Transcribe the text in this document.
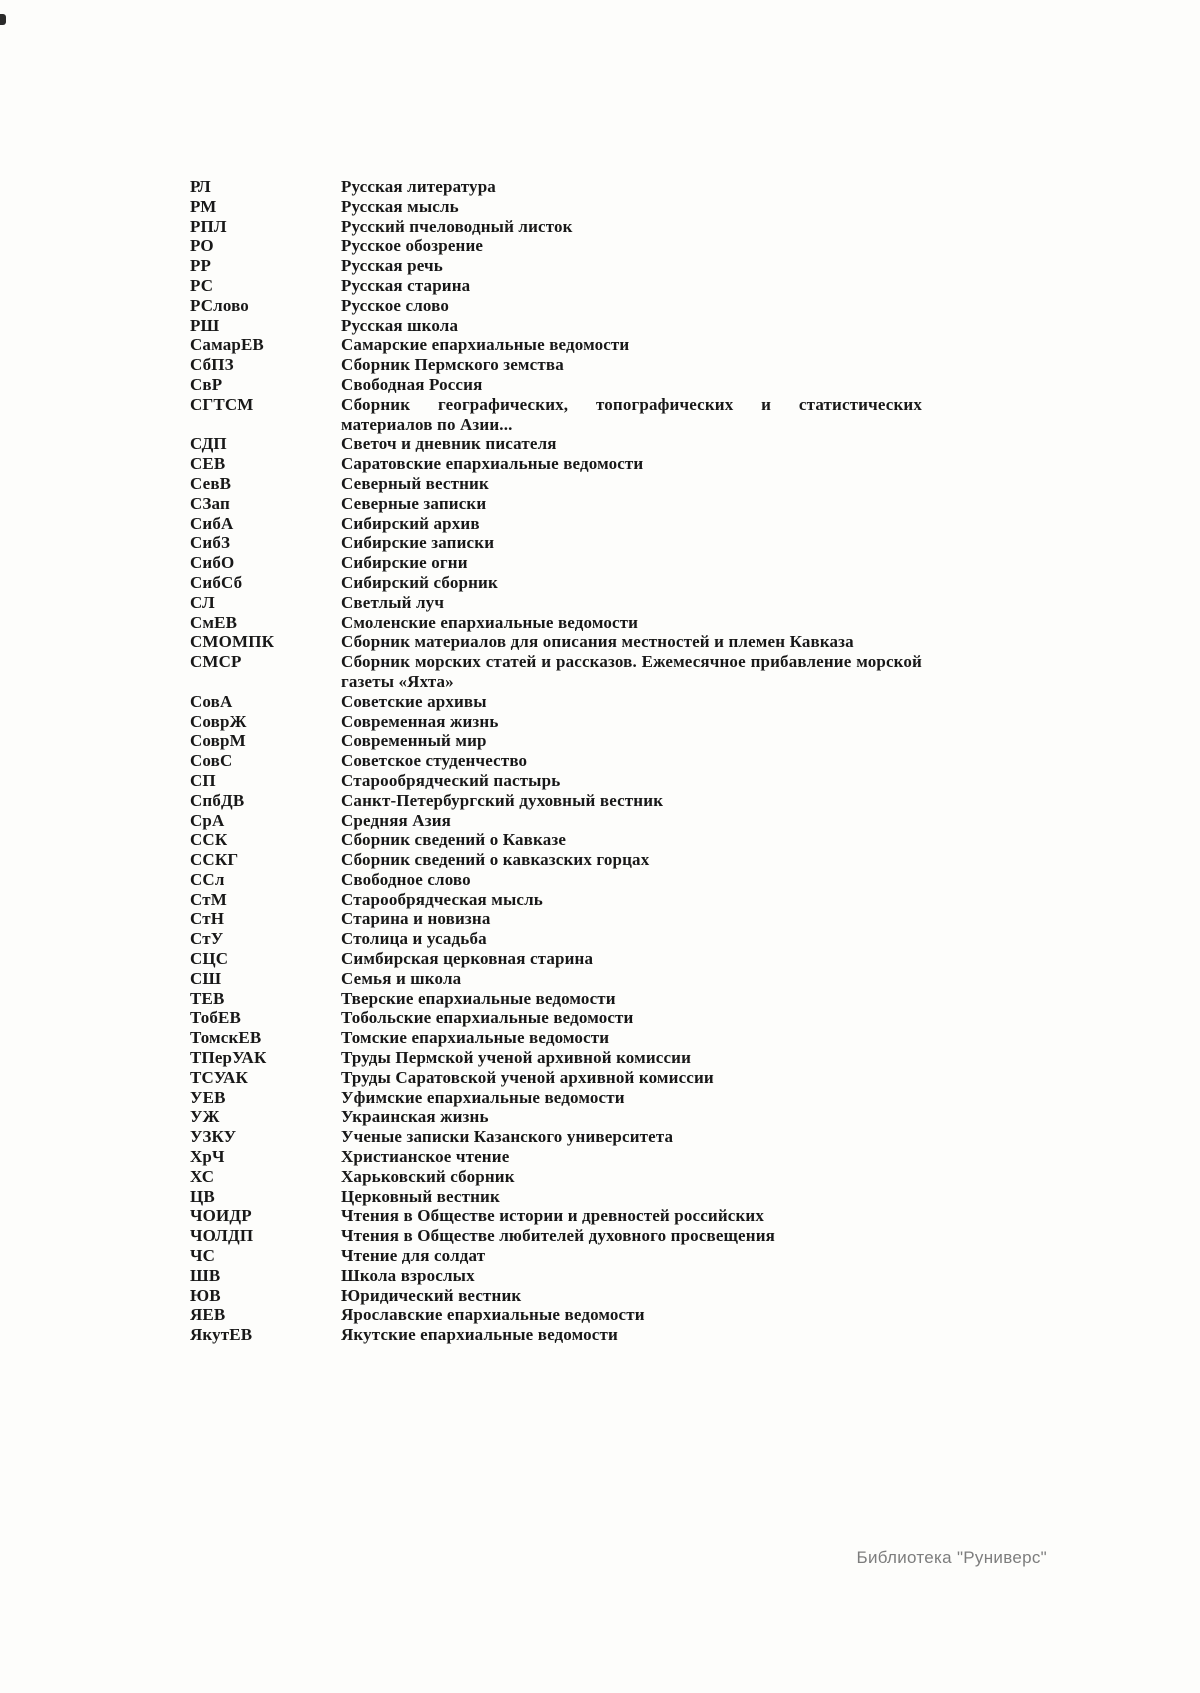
РЛ	Русская литература
РМ	Русская мысль
РПЛ	Русский пчеловодный листок
РО	Русское обозрение
РР	Русская речь
РС	Русская старина
РСлово	Русское слово
РШ	Русская школа
СамарЕВ	Самарские епархиальные ведомости
СбПЗ	Сборник Пермского земства
СвР	Свободная Россия
СГТСМ	Сборник географических, топографических и статистических материалов по Азии...
СДП	Светоч и дневник писателя
СЕВ	Саратовские епархиальные ведомости
СевВ	Северный вестник
СЗап	Северные записки
СибА	Сибирский архив
СибЗ	Сибирские записки
СибО	Сибирские огни
СибСб	Сибирский сборник
СЛ	Светлый луч
СмЕВ	Смоленские епархиальные ведомости
СМОМПК	Сборник материалов для описания местностей и племен Кавказа
СМСР	Сборник морских статей и рассказов. Ежемесячное прибавление морской газеты «Яхта»
СовА	Советские архивы
СоврЖ	Современная жизнь
СоврМ	Современный мир
СовС	Советское студенчество
СП	Старообрядческий пастырь
СпбДВ	Санкт-Петербургский духовный вестник
СрА	Средняя Азия
ССК	Сборник сведений о Кавказе
ССКГ	Сборник сведений о кавказских горцах
ССл	Свободное слово
СтМ	Старообрядческая мысль
СтН	Старина и новизна
СтУ	Столица и усадьба
СЦС	Симбирская церковная старина
СШ	Семья и школа
ТЕВ	Тверские епархиальные ведомости
ТобЕВ	Тобольские епархиальные ведомости
ТомскЕВ	Томские епархиальные ведомости
ТПерУАК	Труды Пермской ученой архивной комиссии
ТСУАК	Труды Саратовской ученой архивной комиссии
УЕВ	Уфимские епархиальные ведомости
УЖ	Украинская жизнь
УЗКУ	Ученые записки Казанского университета
ХрЧ	Христианское чтение
ХС	Харьковский сборник
ЦВ	Церковный вестник
ЧОИДР	Чтения в Обществе истории и древностей российских
ЧОЛДП	Чтения в Обществе любителей духовного просвещения
ЧС	Чтение для солдат
ШВ	Школа взрослых
ЮВ	Юридический вестник
ЯЕВ	Ярославские епархиальные ведомости
ЯкутЕВ	Якутские епархиальные ведомости
Библиотека "Руниверс"
